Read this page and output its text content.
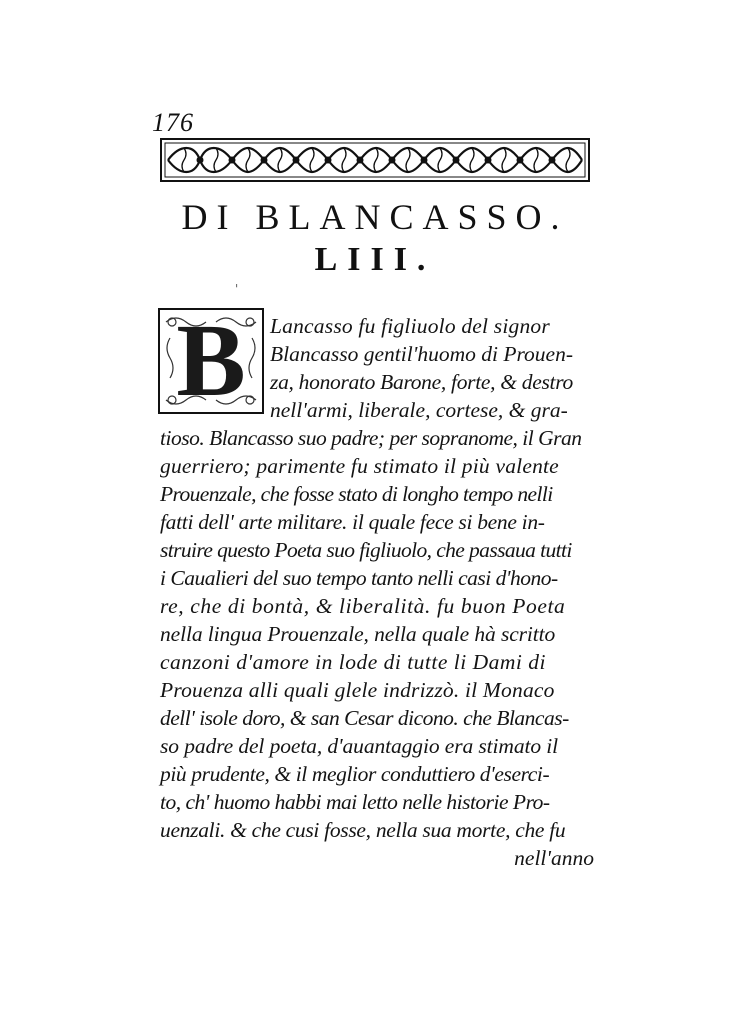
176
DI BLANCASSO.
LIII.
'
B	Lancasso fu figliuolo del signor
Blancasso gentil'huomo di Prouen-
za, honorato Barone, forte, & destro
nell'armi, liberale, cortese, & gra-
tioso. Blancasso suo padre; per sopranome, il Gran
guerriero; parimente fu stimato il più valente
Prouenzale, che fosse stato di longho tempo nelli
fatti dell' arte militare. il quale fece si bene in-
struire questo Poeta suo figliuolo, che passaua tutti
i Caualieri del suo tempo tanto nelli casi d'hono-
re, che di bontà, & liberalità. fu buon Poeta
nella lingua Prouenzale, nella quale hà scritto
canzoni d'amore in lode di tutte li Dami di
Prouenza alli quali glele indrizzò. il Monaco
dell' isole doro, & san Cesar dicono. che Blancas-
so padre del poeta, d'auantaggio era stimato il
più prudente, & il meglior conduttiero d'eserci-
to, ch' huomo habbi mai letto nelle historie Pro-
uenzali. & che cusi fosse, nella sua morte, che fu
nell'anno
